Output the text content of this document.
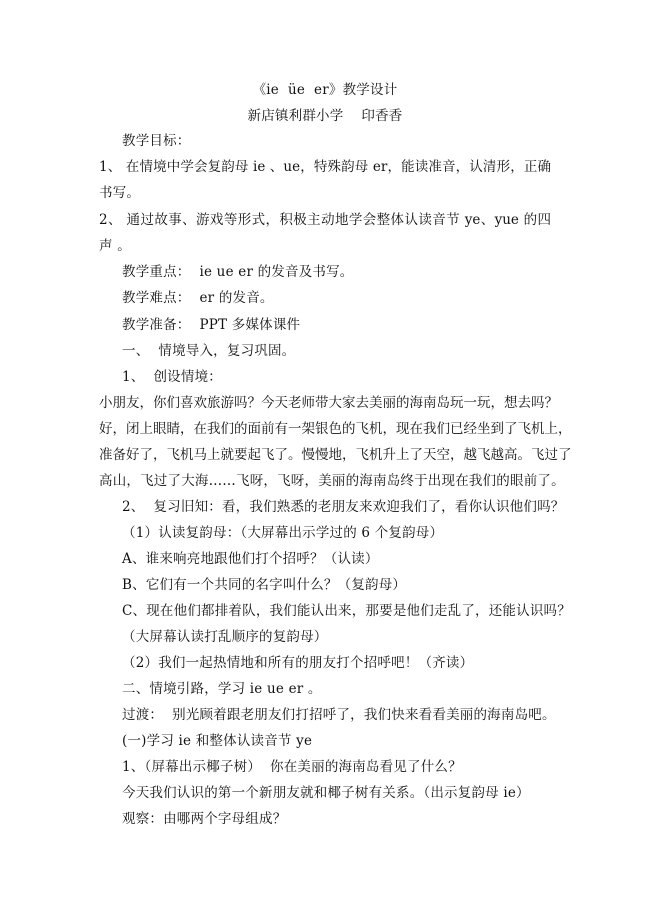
《ie  üe  er》教学设计
新店镇利群小学    印香香
教学目标：
1、 在情境中学会复韵母 ie 、ue，特殊韵母 er，能读准音，认清形，正确
书写。
2、 通过故事、游戏等形式，积极主动地学会整体认读音节 ye、yue 的四
声 。
教学重点：  ie ue er 的发音及书写。
教学难点：  er 的发音。
教学准备：  PPT 多媒体课件
一、  情境导入，复习巩固。
1、  创设情境：
小朋友，你们喜欢旅游吗？今天老师带大家去美丽的海南岛玩一玩，想去吗？
好，闭上眼睛，在我们的面前有一架银色的飞机，现在我们已经坐到了飞机上，
准备好了，飞机马上就要起飞了。慢慢地，飞机升上了天空，越飞越高。飞过了
高山，飞过了大海……飞呀，飞呀，美丽的海南岛终于出现在我们的眼前了。
2、  复习旧知：看，我们熟悉的老朋友来欢迎我们了，看你认识他们吗？
（1）认读复韵母：（大屏幕出示学过的 6 个复韵母）
A、谁来响亮地跟他们打个招呼？（认读）
B、它们有一个共同的名字叫什么？（复韵母）
C、现在他们都排着队，我们能认出来，那要是他们走乱了，还能认识吗？
（大屏幕认读打乱顺序的复韵母）
（2）我们一起热情地和所有的朋友打个招呼吧！（齐读）
二、情境引路，学习 ie ue er 。
过渡：  别光顾着跟老朋友们打招呼了，我们快来看看美丽的海南岛吧。
(一)学习 ie 和整体认读音节 ye
1、（屏幕出示椰子树）  你在美丽的海南岛看见了什么？
今天我们认识的第一个新朋友就和椰子树有关系。（出示复韵母 ie）
观察：由哪两个字母组成？
